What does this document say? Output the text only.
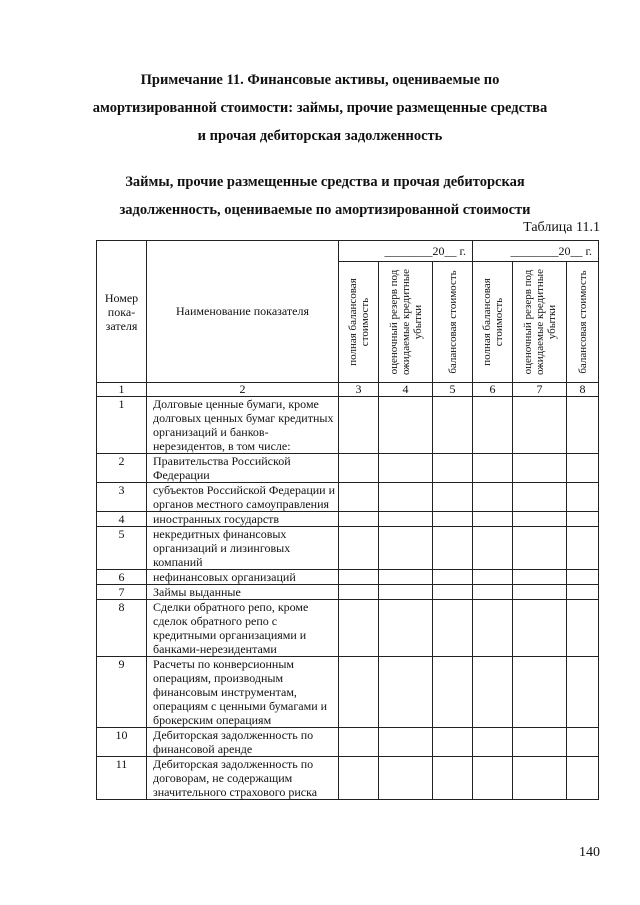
Примечание 11. Финансовые активы, оцениваемые по
амортизированной стоимости: займы, прочие размещенные средства
и прочая дебиторская задолженность
Займы, прочие размещенные средства и прочая дебиторская
задолженность, оцениваемые по амортизированной стоимости
Таблица 11.1
Номер пока-зателя	Наименование показателя	________20__ г.			________20__ г.		

		полная балансовая стоимость	оценочный резерв под ожидаемые кредитные убытки	балансовая стоимость	полная балансовая стоимость	оценочный резерв под ожидаемые кредитные убытки	балансовая стоимость

1	2	3	4	5	6	7	8
1	Долговые ценные бумаги, кроме долговых ценных бумаг кредитных организаций и банков-нерезидентов, в том числе:						
2	Правительства Российской Федерации						
3	субъектов Российской Федерации и органов местного самоуправления						
4	иностранных государств						
5	некредитных финансовых организаций и лизинговых компаний						
6	нефинансовых организаций						
7	Займы выданные						
8	Сделки обратного репо, кроме сделок обратного репо с кредитными организациями и банками-нерезидентами						
9	Расчеты по конверсионным операциям, производным финансовым инструментам, операциям с ценными бумагами и брокерским операциям						
10	Дебиторская задолженность по финансовой аренде						
11	Дебиторская задолженность по договорам, не содержащим значительного страхового риска						
140
